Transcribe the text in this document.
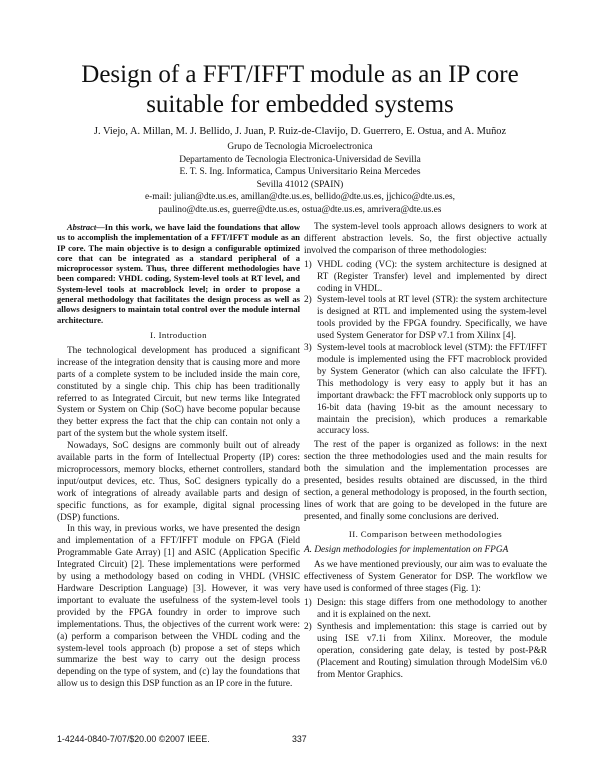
Design of a FFT/IFFT module as an IP core
suitable for embedded systems
J. Viejo, A. Millan, M. J. Bellido, J. Juan, P. Ruiz-de-Clavijo, D. Guerrero, E. Ostua, and A. Muñoz
Grupo de Tecnologia Microelectronica
Departamento de Tecnologia Electronica-Universidad de Sevilla
E. T. S. Ing. Informatica, Campus Universitario Reina Mercedes
Sevilla 41012 (SPAIN)
e-mail: julian@dte.us.es, amillan@dte.us.es, bellido@dte.us.es, jjchico@dte.us.es,
paulino@dte.us.es, guerre@dte.us.es, ostua@dte.us.es, amrivera@dte.us.es

Abstract—In this work, we have laid the foundations that allow us to accomplish the implementation of a FFT/IFFT module as an IP core. The main objective is to design a configurable optimized core that can be integrated as a standard peripheral of a microprocessor system. Thus, three different methodologies have been compared: VHDL coding, System-level tools at RT level, and System-level tools at macroblock level; in order to propose a general methodology that facilitates the design process as well as allows designers to maintain total control over the module internal architecture.

I. Introduction

The technological development has produced a significant increase of the integration density that is causing more and more parts of a complete system to be included inside the main core, constituted by a single chip. This chip has been traditionally referred to as Integrated Circuit, but new terms like Integrated System or System on Chip (SoC) have become popular because they better express the fact that the chip can contain not only a part of the system but the whole system itself.

Nowadays, SoC designs are commonly built out of already available parts in the form of Intellectual Property (IP) cores: microprocessors, memory blocks, ethernet controllers, standard input/output devices, etc. Thus, SoC designers typically do a work of integrations of already available parts and design of specific functions, as for example, digital signal processing (DSP) functions.

In this way, in previous works, we have presented the design and implementation of a FFT/IFFT module on FPGA (Field Programmable Gate Array) [1] and ASIC (Application Specific Integrated Circuit) [2]. These implementations were performed by using a methodology based on coding in VHDL (VHSIC Hardware Description Language) [3]. However, it was very important to evaluate the usefulness of the system-level tools provided by the FPGA foundry in order to improve such implementations. Thus, the objectives of the current work were: (a) perform a comparison between the VHDL coding and the system-level tools approach (b) propose a set of steps which summarize the best way to carry out the design process depending on the type of system, and (c) lay the foundations that allow us to design this DSP function as an IP core in the future.

The system-level tools approach allows designers to work at different abstraction levels. So, the first objective actually involved the comparison of three methodologies:

1) VHDL coding (VC): the system architecture is designed at RT (Register Transfer) level and implemented by direct coding in VHDL.
2) System-level tools at RT level (STR): the system architecture is designed at RTL and implemented using the system-level tools provided by the FPGA foundry. Specifically, we have used System Generator for DSP v7.1 from Xilinx [4].
3) System-level tools at macroblock level (STM): the FFT/IFFT module is implemented using the FFT macroblock provided by System Generator (which can also calculate the IFFT). This methodology is very easy to apply but it has an important drawback: the FFT macroblock only supports up to 16-bit data (having 19-bit as the amount necessary to maintain the precision), which produces a remarkable accuracy loss.

The rest of the paper is organized as follows: in the next section the three methodologies used and the main results for both the simulation and the implementation processes are presented, besides results obtained are discussed, in the third section, a general methodology is proposed, in the fourth section, lines of work that are going to be developed in the future are presented, and finally some conclusions are derived.

II. Comparison between methodologies
A. Design methodologies for implementation on FPGA

As we have mentioned previously, our aim was to evaluate the effectiveness of System Generator for DSP. The workflow we have used is conformed of three stages (Fig. 1):

1) Design: this stage differs from one methodology to another and it is explained on the next.
2) Synthesis and implementation: this stage is carried out by using ISE v7.1i from Xilinx. Moreover, the module operation, considering gate delay, is tested by post-P&R (Placement and Routing) simulation through ModelSim v6.0 from Mentor Graphics.
1-4244-0840-7/07/$20.00 ©2007 IEEE.	337
